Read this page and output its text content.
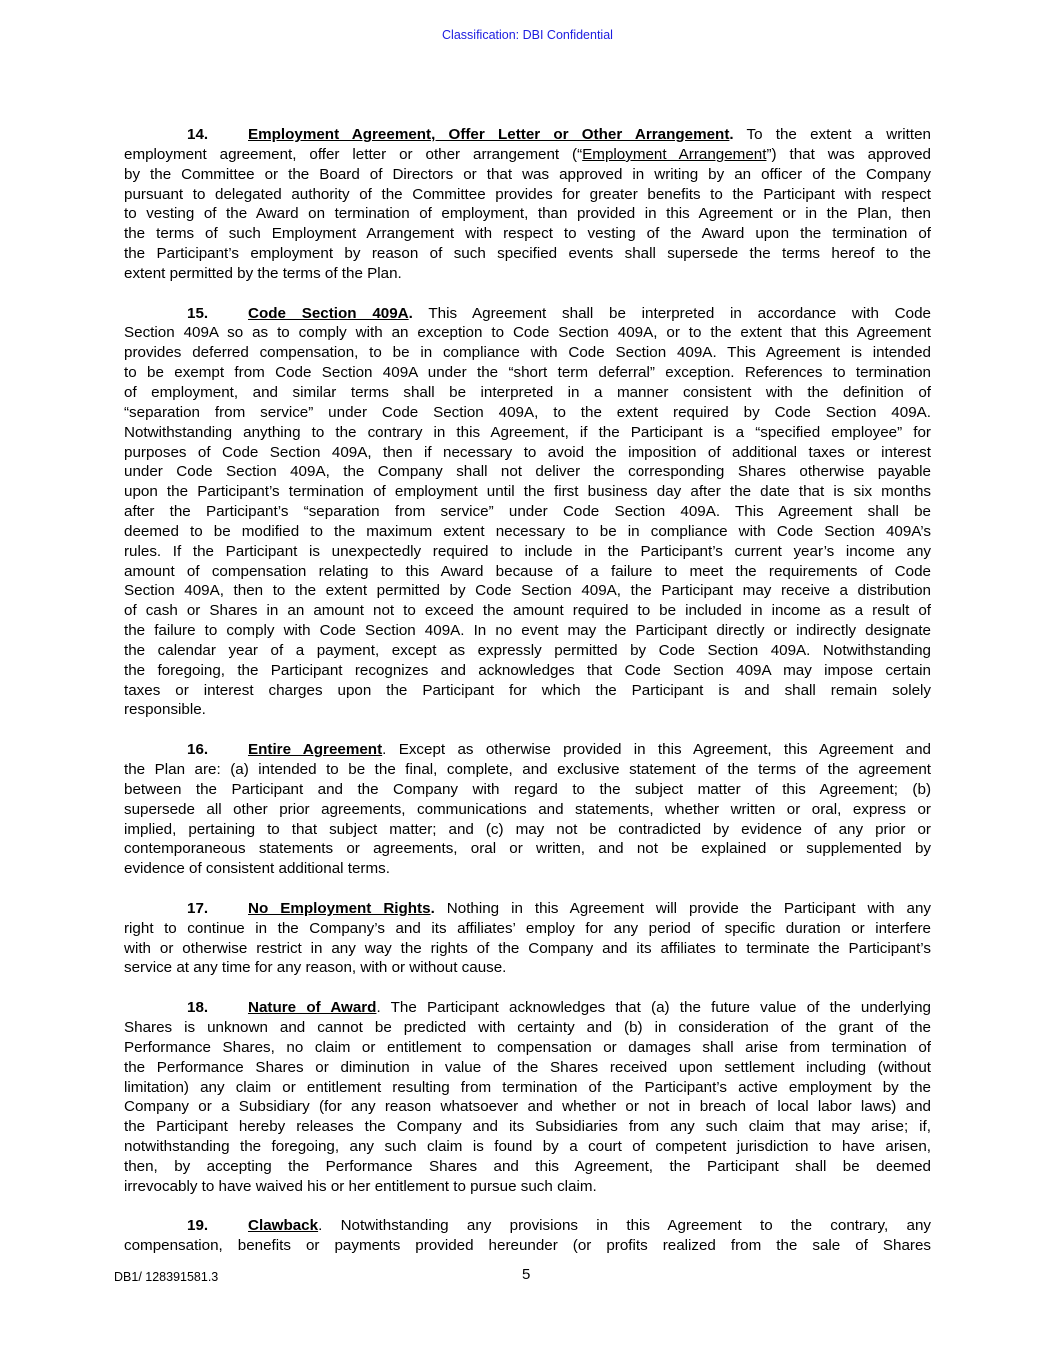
Classification: DBI Confidential
14.	Employment Agreement, Offer Letter or Other Arrangement. To the extent a written
employment agreement, offer letter or other arrangement (“Employment Arrangement”) that was approved
by the Committee or the Board of Directors or that was approved in writing by an officer of the Company
pursuant to delegated authority of the Committee provides for greater benefits to the Participant with respect
to vesting of the Award on termination of employment, than provided in this Agreement or in the Plan, then
the terms of such Employment Arrangement with respect to vesting of the Award upon the termination of
the Participant’s employment by reason of such specified events shall supersede the terms hereof to the
extent permitted by the terms of the Plan.
15.	Code Section 409A. This Agreement shall be interpreted in accordance with Code
Section 409A so as to comply with an exception to Code Section 409A, or to the extent that this Agreement
provides deferred compensation, to be in compliance with Code Section 409A. This Agreement is intended
to be exempt from Code Section 409A under the “short term deferral” exception. References to termination
of employment, and similar terms shall be interpreted in a manner consistent with the definition of
“separation from service” under Code Section 409A, to the extent required by Code Section 409A.
Notwithstanding anything to the contrary in this Agreement, if the Participant is a “specified employee” for
purposes of Code Section 409A, then if necessary to avoid the imposition of additional taxes or interest
under Code Section 409A, the Company shall not deliver the corresponding Shares otherwise payable
upon the Participant’s termination of employment until the first business day after the date that is six months
after the Participant’s “separation from service” under Code Section 409A. This Agreement shall be
deemed to be modified to the maximum extent necessary to be in compliance with Code Section 409A’s
rules. If the Participant is unexpectedly required to include in the Participant’s current year’s income any
amount of compensation relating to this Award because of a failure to meet the requirements of Code
Section 409A, then to the extent permitted by Code Section 409A, the Participant may receive a distribution
of cash or Shares in an amount not to exceed the amount required to be included in income as a result of
the failure to comply with Code Section 409A. In no event may the Participant directly or indirectly designate
the calendar year of a payment, except as expressly permitted by Code Section 409A. Notwithstanding
the foregoing, the Participant recognizes and acknowledges that Code Section 409A may impose certain
taxes or interest charges upon the Participant for which the Participant is and shall remain solely
responsible.
16.	Entire Agreement. Except as otherwise provided in this Agreement, this Agreement and
the Plan are: (a) intended to be the final, complete, and exclusive statement of the terms of the agreement
between the Participant and the Company with regard to the subject matter of this Agreement; (b)
supersede all other prior agreements, communications and statements, whether written or oral, express or
implied, pertaining to that subject matter; and (c) may not be contradicted by evidence of any prior or
contemporaneous statements or agreements, oral or written, and not be explained or supplemented by
evidence of consistent additional terms.
17.	No Employment Rights. Nothing in this Agreement will provide the Participant with any
right to continue in the Company’s and its affiliates’ employ for any period of specific duration or interfere
with or otherwise restrict in any way the rights of the Company and its affiliates to terminate the Participant’s
service at any time for any reason, with or without cause.
18.	Nature of Award. The Participant acknowledges that (a) the future value of the underlying
Shares is unknown and cannot be predicted with certainty and (b) in consideration of the grant of the
Performance Shares, no claim or entitlement to compensation or damages shall arise from termination of
the Performance Shares or diminution in value of the Shares received upon settlement including (without
limitation) any claim or entitlement resulting from termination of the Participant’s active employment by the
Company or a Subsidiary (for any reason whatsoever and whether or not in breach of local labor laws) and
the Participant hereby releases the Company and its Subsidiaries from any such claim that may arise; if,
notwithstanding the foregoing, any such claim is found by a court of competent jurisdiction to have arisen,
then, by accepting the Performance Shares and this Agreement, the Participant shall be deemed
irrevocably to have waived his or her entitlement to pursue such claim.
19.	Clawback. Notwithstanding any provisions in this Agreement to the contrary, any
compensation, benefits or payments provided hereunder (or profits realized from the sale of Shares
DB1/ 128391581.3	5
